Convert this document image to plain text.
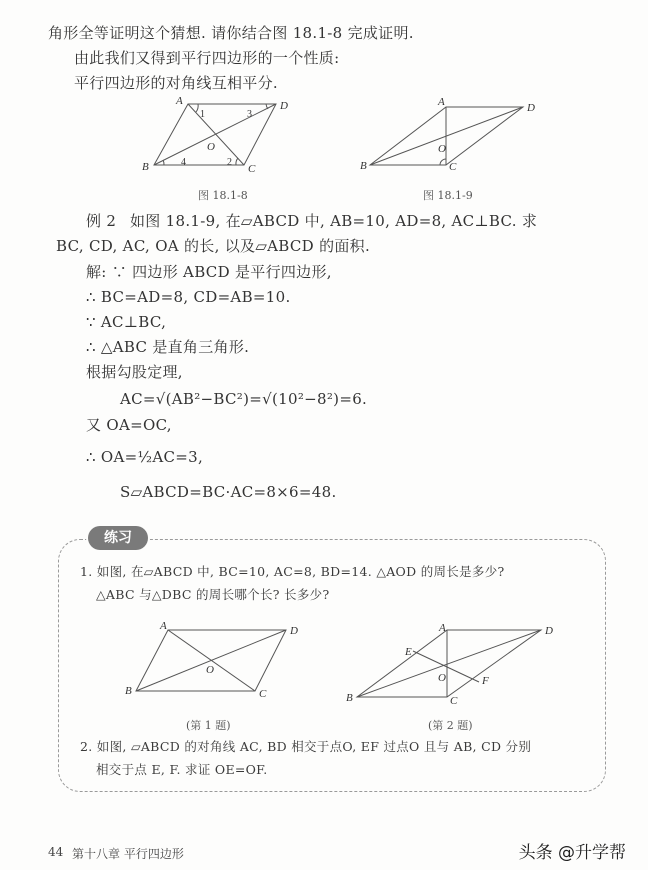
角形全等证明这个猜想. 请你结合图 18.1-8 完成证明.
由此我们又得到平行四边形的一个性质:
平行四边形的对角线互相平分.
A	D
B	C
O
1	3
2
4
A	D
B	C
O
A	D
B	C
O
A	D
B	C
O
E
F
图 18.1-8	图 18.1-9
例 2 如图 18.1-9, 在▱ABCD 中, AB=10, AD=8, AC⊥BC. 求
BC, CD, AC, OA 的长, 以及▱ABCD 的面积.
解: ∵ 四边形 ABCD 是平行四边形,
∴ BC=AD=8, CD=AB=10.
∵ AC⊥BC,
∴ △ABC 是直角三角形.
根据勾股定理,
AC=√(AB²−BC²)=√(10²−8²)=6.
又 OA=OC,
∴ OA=½AC=3,
S▱ABCD=BC·AC=8×6=48.
练习
1. 如图, 在▱ABCD 中, BC=10, AC=8, BD=14. △AOD 的周长是多少?
△ABC 与△DBC 的周长哪个长? 长多少?
(第 1 题)	(第 2 题)
2. 如图, ▱ABCD 的对角线 AC, BD 相交于点O, EF 过点O 且与 AB, CD 分别
相交于点 E, F. 求证 OE=OF.
44 第十八章 平行四边形	头条 @升学帮
